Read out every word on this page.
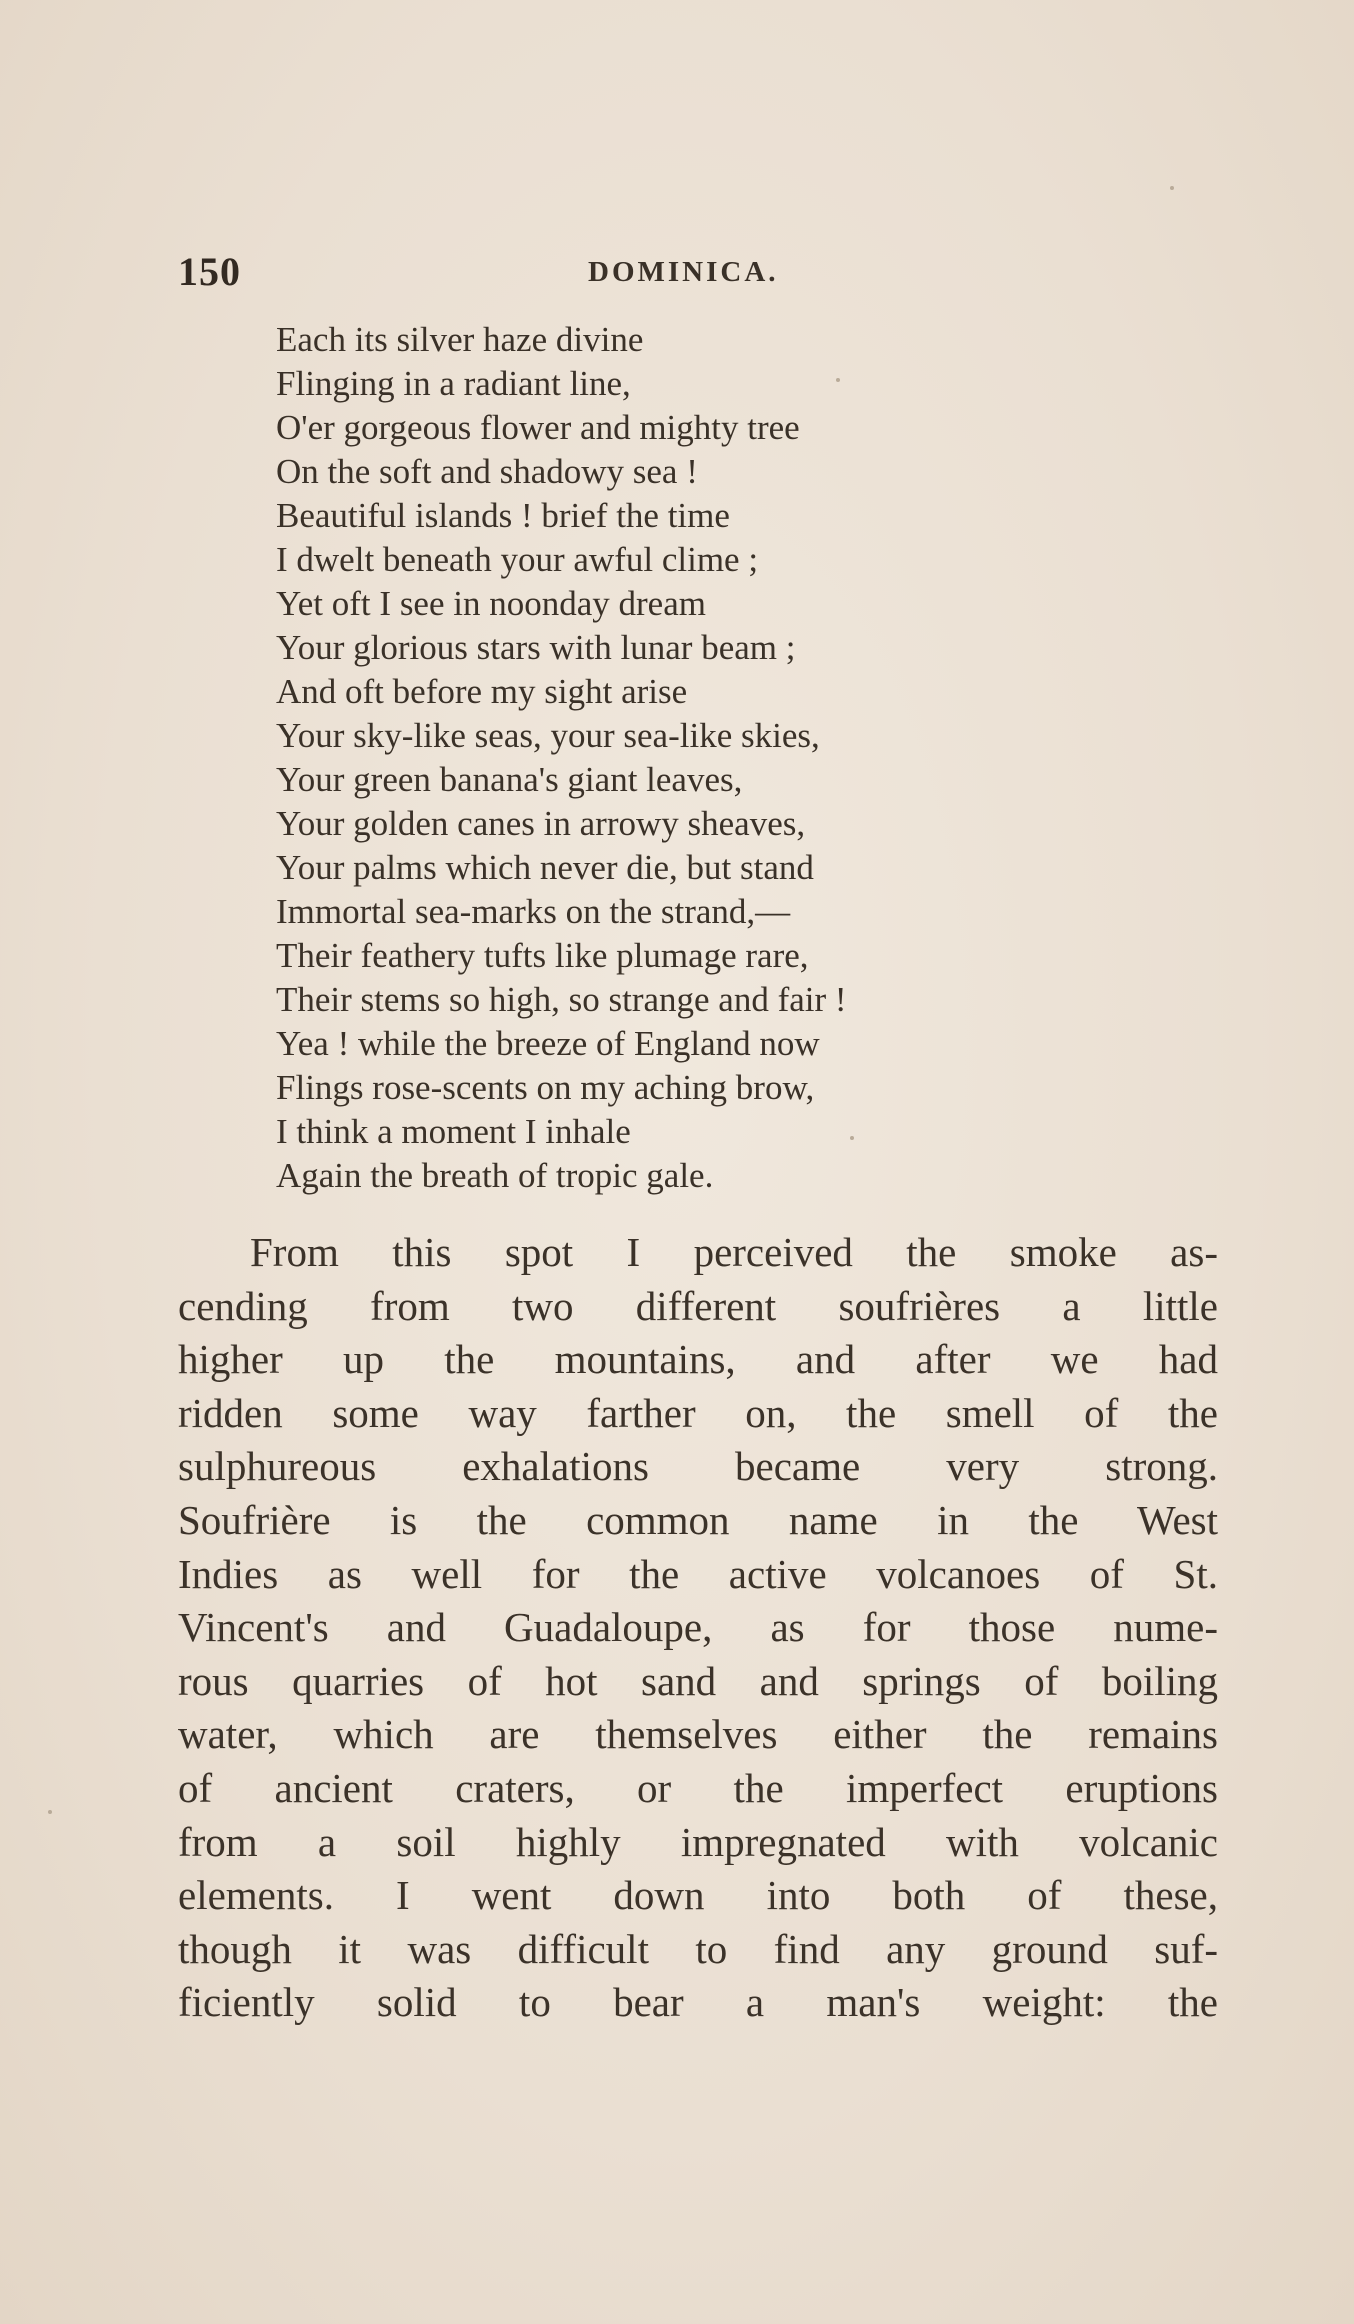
150	DOMINICA.
Each its silver haze divine
Flinging in a radiant line,
O'er gorgeous flower and mighty tree
On the soft and shadowy sea !
Beautiful islands ! brief the time
I dwelt beneath your awful clime ;
Yet oft I see in noonday dream
Your glorious stars with lunar beam ;
And oft before my sight arise
Your sky-like seas, your sea-like skies,
Your green banana's giant leaves,
Your golden canes in arrowy sheaves,
Your palms which never die, but stand
Immortal sea-marks on the strand,—
Their feathery tufts like plumage rare,
Their stems so high, so strange and fair !
Yea ! while the breeze of England now
Flings rose-scents on my aching brow,
I think a moment I inhale
Again the breath of tropic gale.
From this spot I perceived the smoke as-
cending from two different soufrières a little
higher up the mountains, and after we had
ridden some way farther on, the smell of the
sulphureous exhalations became very strong.
Soufrière is the common name in the West
Indies as well for the active volcanoes of St.
Vincent's and Guadaloupe, as for those nume-
rous quarries of hot sand and springs of boiling
water, which are themselves either the remains
of ancient craters, or the imperfect eruptions
from a soil highly impregnated with volcanic
elements. I went down into both of these,
though it was difficult to find any ground suf-
ficiently solid to bear a man's weight: the
